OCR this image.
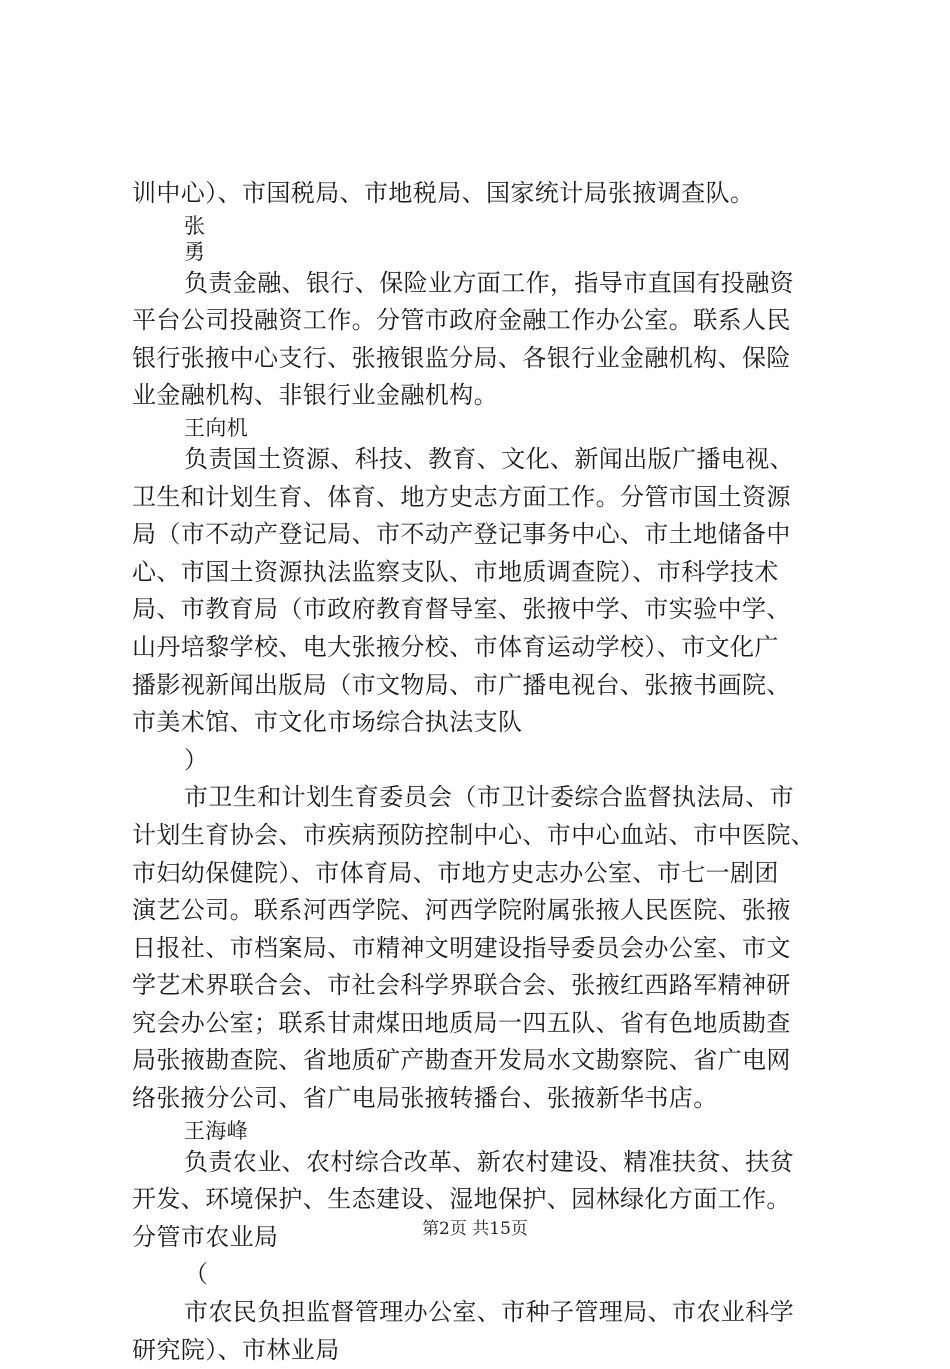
训中心）、市国税局、市地税局、国家统计局张掖调查队。
张
勇
负责金融、银行、保险业方面工作，指导市直国有投融资
平台公司投融资工作。分管市政府金融工作办公室。联系人民
银行张掖中心支行、张掖银监分局、各银行业金融机构、保险
业金融机构、非银行业金融机构。
王向机
负责国土资源、科技、教育、文化、新闻出版广播电视、
卫生和计划生育、体育、地方史志方面工作。分管市国土资源
局（市不动产登记局、市不动产登记事务中心、市土地储备中
心、市国土资源执法监察支队、市地质调查院）、市科学技术
局、市教育局（市政府教育督导室、张掖中学、市实验中学、
山丹培黎学校、电大张掖分校、市体育运动学校）、市文化广
播影视新闻出版局（市文物局、市广播电视台、张掖书画院、
市美术馆、市文化市场综合执法支队
）
市卫生和计划生育委员会（市卫计委综合监督执法局、市
计划生育协会、市疾病预防控制中心、市中心血站、市中医院、
市妇幼保健院）、市体育局、市地方史志办公室、市七一剧团
演艺公司。联系河西学院、河西学院附属张掖人民医院、张掖
日报社、市档案局、市精神文明建设指导委员会办公室、市文
学艺术界联合会、市社会科学界联合会、张掖红西路军精神研
究会办公室；联系甘肃煤田地质局一四五队、省有色地质勘查
局张掖勘查院、省地质矿产勘查开发局水文勘察院、省广电网
络张掖分公司、省广电局张掖转播台、张掖新华书店。
王海峰
负责农业、农村综合改革、新农村建设、精准扶贫、扶贫
开发、环境保护、生态建设、湿地保护、园林绿化方面工作。
分管市农业局
（
市农民负担监督管理办公室、市种子管理局、市农业科学
研究院）、市林业局
第2页 共15页
